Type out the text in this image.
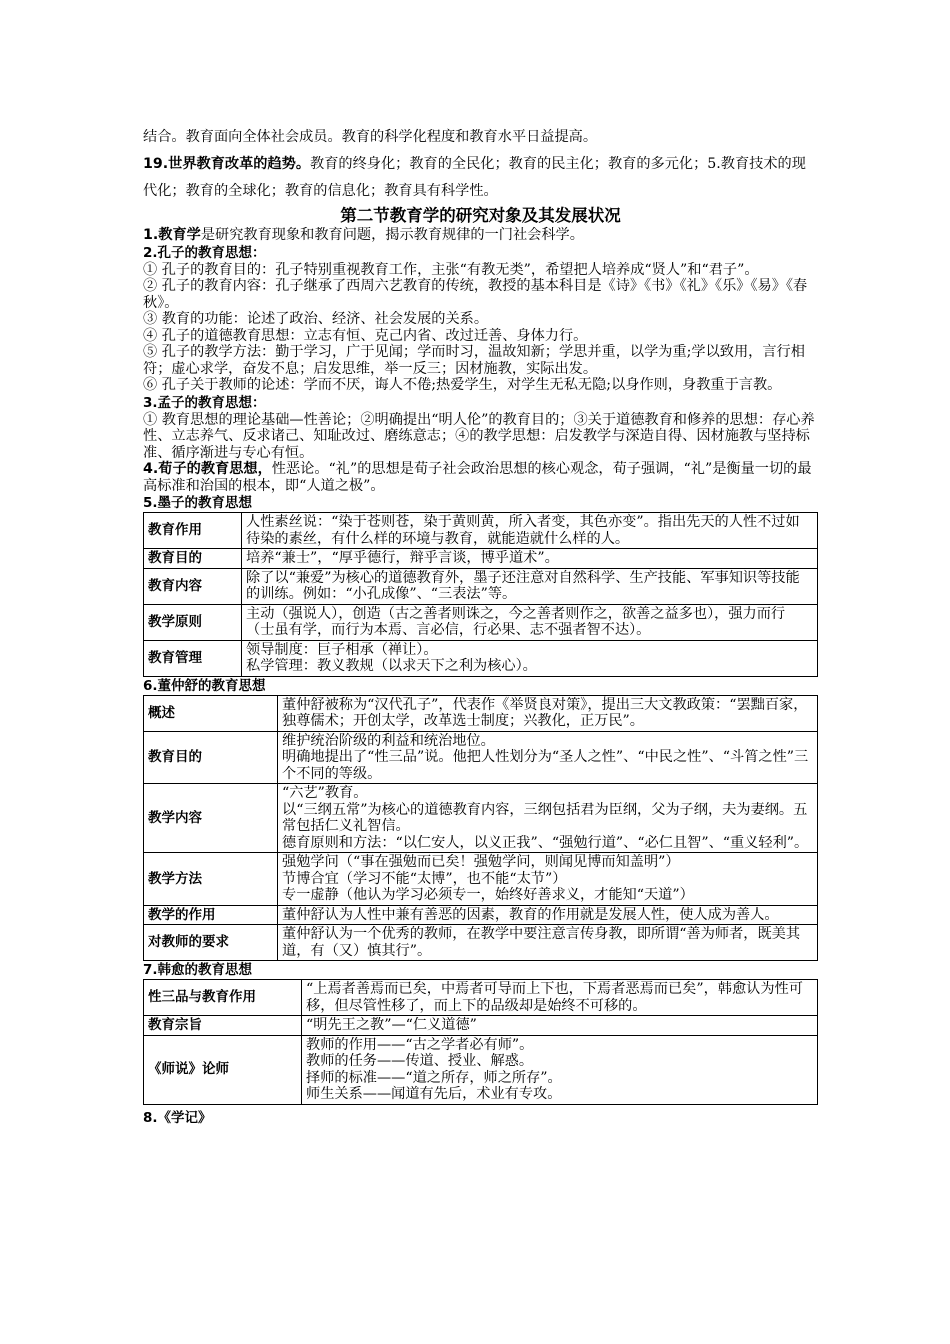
结合。教育面向全体社会成员。教育的科学化程度和教育水平日益提高。
19.世界教育改革的趋势。教育的终身化；教育的全民化；教育的民主化；教育的多元化；5.教育技术的现代化；教育的全球化；教育的信息化；教育具有科学性。
第二节教育学的研究对象及其发展状况
1.教育学是研究教育现象和教育问题，揭示教育规律的一门社会科学。
2.孔子的教育思想：
① 孔子的教育目的：孔子特别重视教育工作，主张“有教无类”，希望把人培养成“贤人”和“君子”。
② 孔子的教育内容：孔子继承了西周六艺教育的传统，教授的基本科目是《诗》《书》《礼》《乐》《易》《春秋》。
③ 教育的功能：论述了政治、经济、社会发展的关系。
④ 孔子的道德教育思想：立志有恒、克己内省、改过迁善、身体力行。
⑤ 孔子的教学方法：勤于学习，广于见闻；学而时习，温故知新；学思并重，以学为重;学以致用，言行相符；虚心求学，奋发不息；启发思维，举一反三；因材施教，实际出发。
⑥ 孔子关于教师的论述：学而不厌，诲人不倦;热爱学生，对学生无私无隐;以身作则，身教重于言教。
3.孟子的教育思想：
① 教育思想的理论基础—性善论；②明确提出“明人伦”的教育目的；③关于道德教育和修养的思想：存心养性、立志养气、反求诸己、知耻改过、磨练意志；④的教学思想：启发教学与深造自得、因材施教与坚持标准、循序渐进与专心有恒。
4.荀子的教育思想，性恶论。“礼”的思想是荀子社会政治思想的核心观念，荀子强调，“礼”是衡量一切的最高标准和治国的根本，即“人道之极”。
5.墨子的教育思想
教育作用	人性素丝说：“染于苍则苍，染于黄则黄，所入者变，其色亦变”。指出先天的人性不过如待染的素丝，有什么样的环境与教育，就能造就什么样的人。

教育目的	培养“兼士”，“厚乎德行，辩乎言谈，博乎道术”。

教育内容	除了以“兼爱”为核心的道德教育外，墨子还注意对自然科学、生产技能、军事知识等技能的训练。例如：“小孔成像”、“三表法”等。

教学原则	主动（强说人），创造（古之善者则诛之，今之善者则作之，欲善之益多也），强力而行（士虽有学，而行为本焉、言必信，行必果、志不强者智不达）。

教育管理	领导制度：巨子相承（禅让）。
私学管理：教义教规（以求天下之利为核心）。
6.董仲舒的教育思想
概述	董仲舒被称为“汉代孔子”，代表作《举贤良对策》，提出三大文教政策：“罢黜百家，独尊儒术；开创太学，改革选士制度；兴教化，正万民”。

教育目的	维护统治阶级的利益和统治地位。
明确地提出了“性三品”说。他把人性划分为“圣人之性”、“中民之性”、“斗筲之性”三个不同的等级。

教学内容	“六艺”教育。
以“三纲五常”为核心的道德教育内容，三纲包括君为臣纲，父为子纲，夫为妻纲。五常包括仁义礼智信。
德育原则和方法：“以仁安人，以义正我”、“强勉行道”、“必仁且智”、“重义轻利”。

教学方法	强勉学问（“事在强勉而已矣！强勉学问，则闻见博而知盖明”）
节博合宜（学习不能“太博”，也不能“太节”）
专一虚静（他认为学习必须专一，始终好善求义，才能知“天道”）

教学的作用	董仲舒认为人性中兼有善恶的因素，教育的作用就是发展人性，使人成为善人。

对教师的要求	董仲舒认为一个优秀的教师，在教学中要注意言传身教，即所谓“善为师者，既美其道，有（又）慎其行”。
7.韩愈的教育思想
性三品与教育作用	“上焉者善焉而已矣，中焉者可导而上下也，下焉者恶焉而已矣”，韩愈认为性可移，但尽管性移了，而上下的品级却是始终不可移的。

教育宗旨	“明先王之教”—“仁义道德”

《师说》论师	教师的作用——“古之学者必有师”。
教师的任务——传道、授业、解惑。
择师的标准——“道之所存，师之所存”。
师生关系——闻道有先后，术业有专攻。
8.《学记》
